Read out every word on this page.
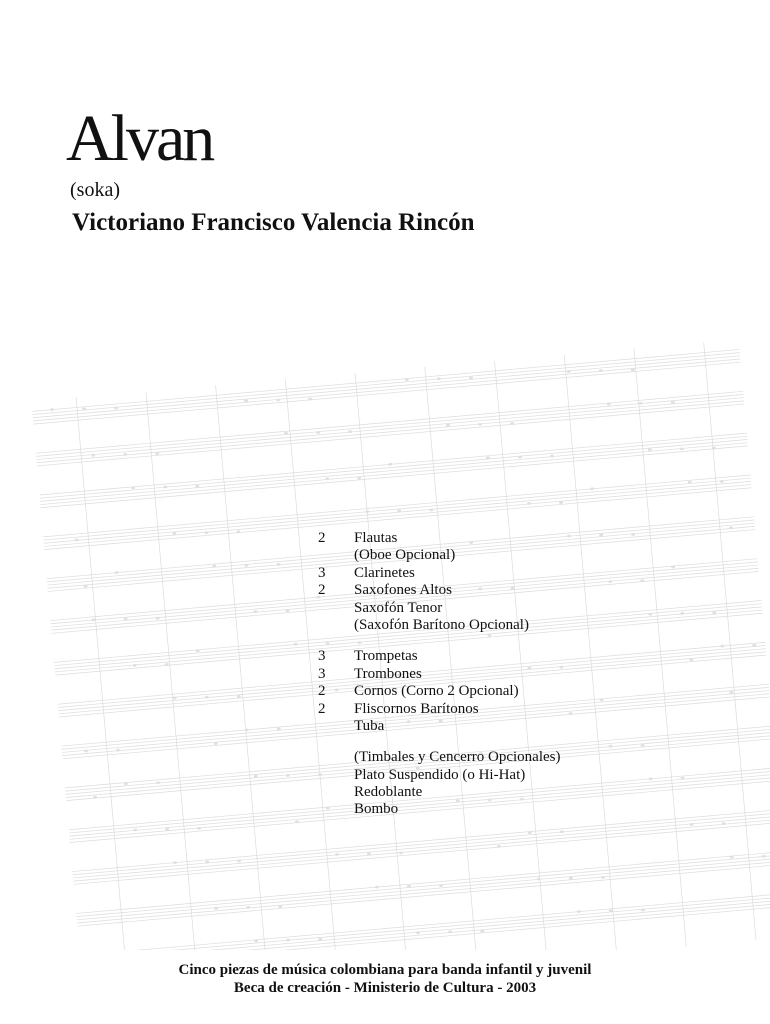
Alvan
(soka)
Victoriano Francisco Valencia Rincón
2	Flautas
(Oboe Opcional)
3	Clarinetes
2	Saxofones Altos
Saxofón Tenor
(Saxofón Barítono Opcional)
3	Trompetas
3	Trombones
2	Cornos (Corno 2 Opcional)
2	Fliscornos Barítonos
Tuba
(Timbales y Cencerro Opcionales)
Plato Suspendido (o Hi-Hat)
Redoblante
Bombo
Cinco piezas de música colombiana para banda infantil y juvenil
Beca de creación - Ministerio de Cultura - 2003
